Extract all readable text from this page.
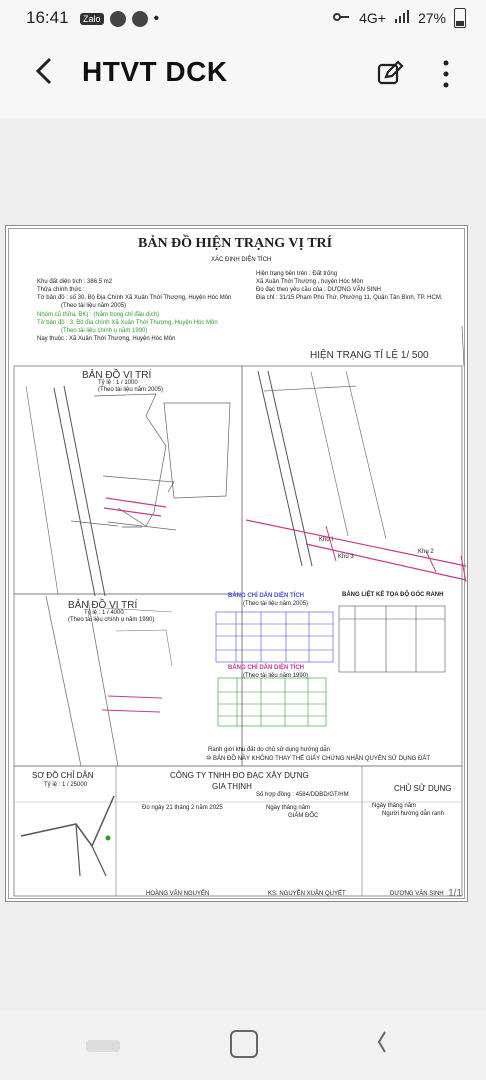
16:41	Zalo	•	4G+ 27%
HTVT DCK
BẢN ĐỒ HIỆN TRẠNG VỊ TRÍ
XÁC ĐỊNH DIỆN TÍCH
Khu đất diện tích : 386.5 m2
Thửa chính thức :
Tờ bản đồ : số 30, Bộ Địa Chính Xã Xuân Thới Thượng, Huyện Hóc Môn
(Theo tài liệu năm 2005)
Nhóm cũ thửa, BK) : (Nằm trong chỉ đầu dịch)
Tờ bản đồ : 3, Bộ địa chính Xã Xuân Thới Thượng, Huyện Hóc Môn
(Theo tài liệu chính ụ năm 1990)
Nay thuộc : Xã Xuân Thới Thượng, Huyện Hóc Môn
Hiện trạng bên trên : Đất trống
Xã Xuân Thới Thượng , huyện Hóc Môn
Đo đạc theo yêu cầu của : DƯƠNG VĂN SINH
Địa chỉ : 31/15 Phạm Phú Thứ, Phường 11, Quận Tân Bình, TP. HCM.
HIỆN TRẠNG TỈ LỆ 1/ 500
BẢN ĐỒ VỊ TRÍ
Tỷ lệ : 1 / 1000
(Theo tài liệu năm 2005)
BẢN ĐỒ VỊ TRÍ
Tỷ lệ : 1 / 4000
(Theo tài liệu chính ụ năm 1990)
BẢNG CHỈ DẪN DIỆN TÍCH
(Theo tài liệu năm 2005)
BẢNG CHỈ DẪN DIỆN TÍCH
(Theo tài liệu năm 1990)
BẢNG LIỆT KÊ TỌA ĐỘ GÓC RANH
Ranh giới khu đất do chủ sử dụng hướng dẫn
⑩ BẢN ĐỒ NÀY KHÔNG THAY THẾ GIẤY CHỨNG NHẬN QUYỀN SỬ DỤNG ĐẤT
CÔNG TY TNHH ĐO ĐẠC XÂY DỰNG
GIA THỊNH
Số hợp đồng : 4584/DDBD/GT/HM
Đo ngày 21 tháng 2 năm 2025	Ngày tháng năm
GIÁM ĐỐC
CHỦ SỬ DỤNG
Ngày tháng năm
Người hướng dẫn ranh
SƠ ĐỒ CHỈ DẪN
Tỷ lệ : 1 / 25000
HOÀNG VĂN NGUYÊN	KS: NGUYỄN XUÂN QUYẾT	DƯƠNG VĂN SINH
Khu I
Khu 2
Khu 3
1/1
